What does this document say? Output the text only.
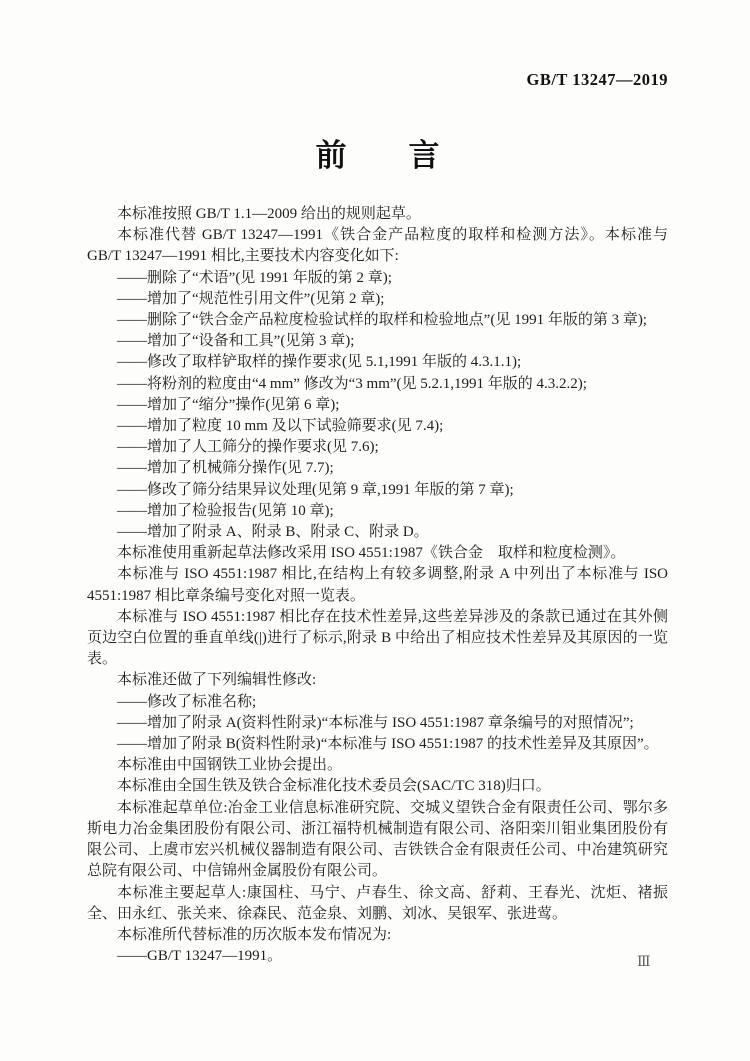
GB/T 13247—2019
前　　言

本标准按照 GB/T 1.1—2009 给出的规则起草。

本标准代替 GB/T 13247—1991《铁合金产品粒度的取样和检测方法》。本标准与 GB/T 13247—1991 相比,主要技术内容变化如下:

——删除了“术语”(见 1991 年版的第 2 章);

——增加了“规范性引用文件”(见第 2 章);

——删除了“铁合金产品粒度检验试样的取样和检验地点”(见 1991 年版的第 3 章);

——增加了“设备和工具”(见第 3 章);

——修改了取样铲取样的操作要求(见 5.1,1991 年版的 4.3.1.1);

——将粉剂的粒度由“4 mm” 修改为“3 mm”(见 5.2.1,1991 年版的 4.3.2.2);

——增加了“缩分”操作(见第 6 章);

——增加了粒度 10 mm 及以下试验筛要求(见 7.4);

——增加了人工筛分的操作要求(见 7.6);

——增加了机械筛分操作(见 7.7);

——修改了筛分结果异议处理(见第 9 章,1991 年版的第 7 章);

——增加了检验报告(见第 10 章);

——增加了附录 A、附录 B、附录 C、附录 D。

本标准使用重新起草法修改采用 ISO 4551:1987《铁合金　取样和粒度检测》。

本标准与 ISO 4551:1987 相比,在结构上有较多调整,附录 A 中列出了本标准与 ISO 4551:1987 相比章条编号变化对照一览表。

本标准与 ISO 4551:1987 相比存在技术性差异,这些差异涉及的条款已通过在其外侧页边空白位置的垂直单线(|)进行了标示,附录 B 中给出了相应技术性差异及其原因的一览表。

本标准还做了下列编辑性修改:

——修改了标准名称;

——增加了附录 A(资料性附录)“本标准与 ISO 4551:1987 章条编号的对照情况”;

——增加了附录 B(资料性附录)“本标准与 ISO 4551:1987 的技术性差异及其原因”。

本标准由中国钢铁工业协会提出。

本标准由全国生铁及铁合金标准化技术委员会(SAC/TC 318)归口。

本标准起草单位:冶金工业信息标准研究院、交城义望铁合金有限责任公司、鄂尔多斯电力冶金集团股份有限公司、浙江福特机械制造有限公司、洛阳栾川钼业集团股份有限公司、上虞市宏兴机械仪器制造有限公司、吉铁铁合金有限责任公司、中冶建筑研究总院有限公司、中信锦州金属股份有限公司。

本标准主要起草人:康国柱、马宁、卢春生、徐文高、舒莉、王春光、沈炬、褚振全、田永红、张关来、徐森民、范金泉、刘鹏、刘冰、吴银军、张进莺。

本标准所代替标准的历次版本发布情况为:

——GB/T 13247—1991。	Ⅲ
